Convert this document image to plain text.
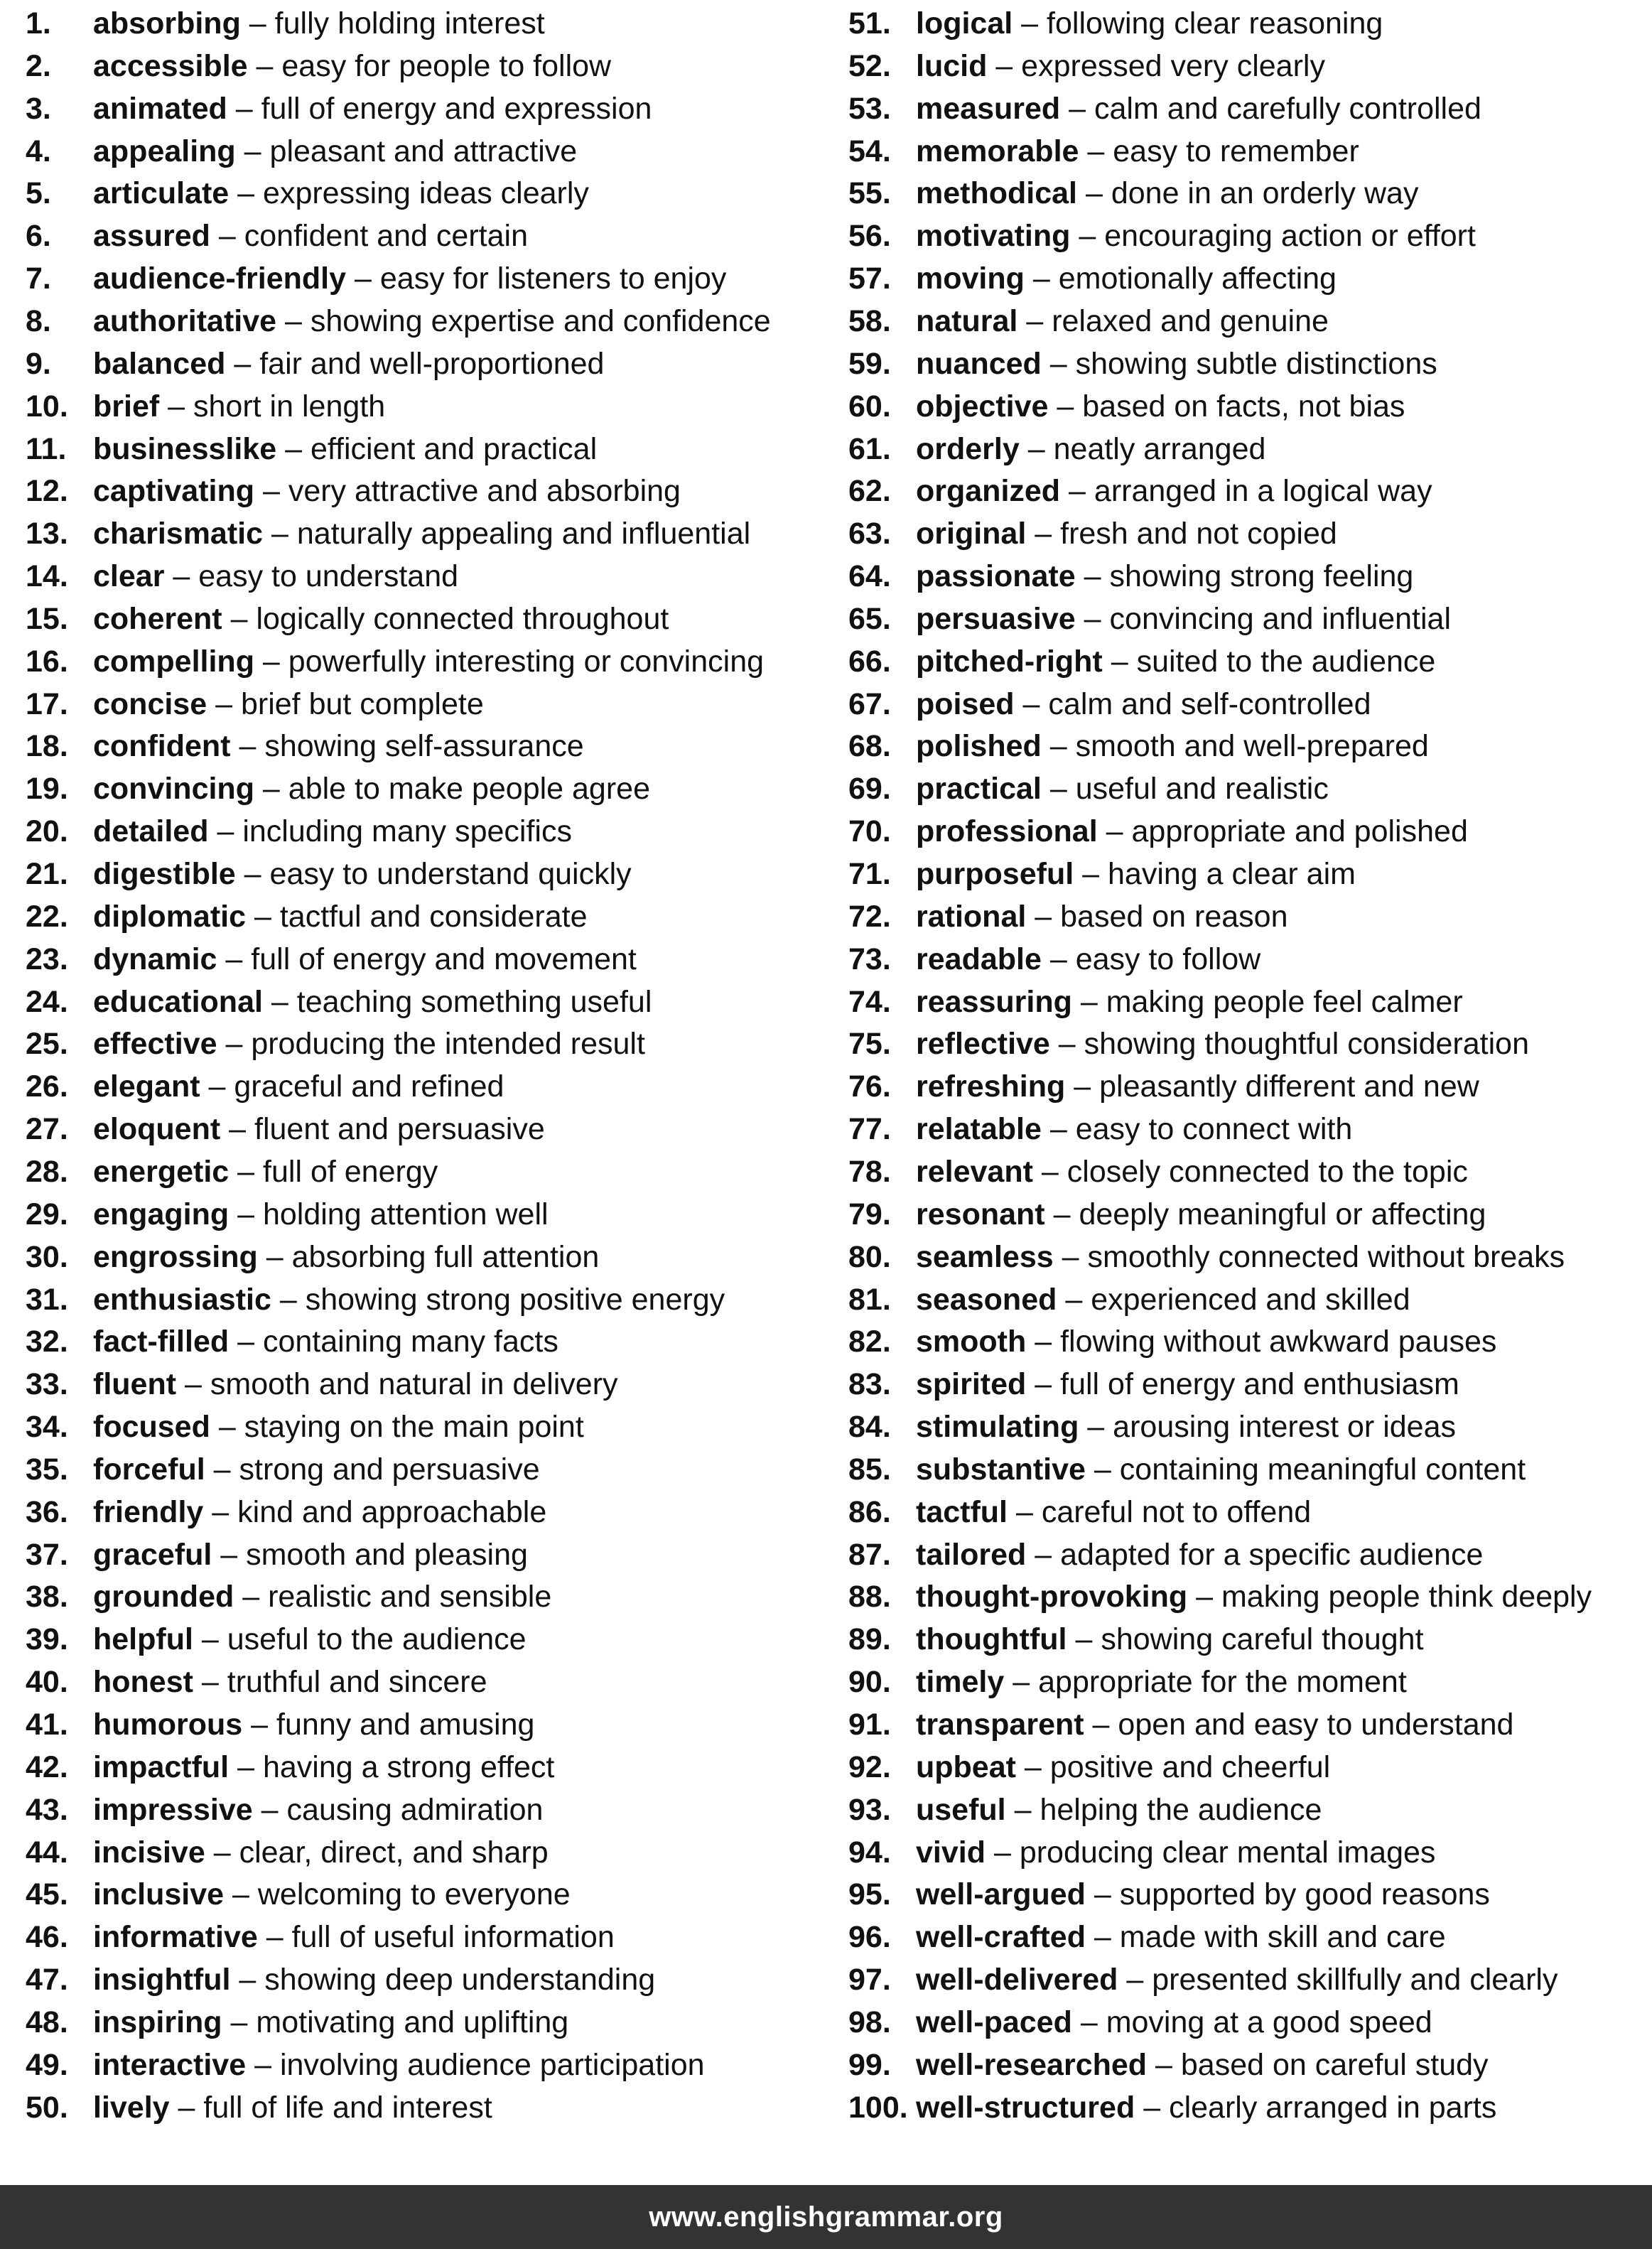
1. absorbing – fully holding interest
2. accessible – easy for people to follow
3. animated – full of energy and expression
4. appealing – pleasant and attractive
5. articulate – expressing ideas clearly
6. assured – confident and certain
7. audience-friendly – easy for listeners to enjoy
8. authoritative – showing expertise and confidence
9. balanced – fair and well-proportioned
10. brief – short in length
11. businesslike – efficient and practical
12. captivating – very attractive and absorbing
13. charismatic – naturally appealing and influential
14. clear – easy to understand
15. coherent – logically connected throughout
16. compelling – powerfully interesting or convincing
17. concise – brief but complete
18. confident – showing self-assurance
19. convincing – able to make people agree
20. detailed – including many specifics
21. digestible – easy to understand quickly
22. diplomatic – tactful and considerate
23. dynamic – full of energy and movement
24. educational – teaching something useful
25. effective – producing the intended result
26. elegant – graceful and refined
27. eloquent – fluent and persuasive
28. energetic – full of energy
29. engaging – holding attention well
30. engrossing – absorbing full attention
31. enthusiastic – showing strong positive energy
32. fact-filled – containing many facts
33. fluent – smooth and natural in delivery
34. focused – staying on the main point
35. forceful – strong and persuasive
36. friendly – kind and approachable
37. graceful – smooth and pleasing
38. grounded – realistic and sensible
39. helpful – useful to the audience
40. honest – truthful and sincere
41. humorous – funny and amusing
42. impactful – having a strong effect
43. impressive – causing admiration
44. incisive – clear, direct, and sharp
45. inclusive – welcoming to everyone
46. informative – full of useful information
47. insightful – showing deep understanding
48. inspiring – motivating and uplifting
49. interactive – involving audience participation
50. lively – full of life and interest
51. logical – following clear reasoning
52. lucid – expressed very clearly
53. measured – calm and carefully controlled
54. memorable – easy to remember
55. methodical – done in an orderly way
56. motivating – encouraging action or effort
57. moving – emotionally affecting
58. natural – relaxed and genuine
59. nuanced – showing subtle distinctions
60. objective – based on facts, not bias
61. orderly – neatly arranged
62. organized – arranged in a logical way
63. original – fresh and not copied
64. passionate – showing strong feeling
65. persuasive – convincing and influential
66. pitched-right – suited to the audience
67. poised – calm and self-controlled
68. polished – smooth and well-prepared
69. practical – useful and realistic
70. professional – appropriate and polished
71. purposeful – having a clear aim
72. rational – based on reason
73. readable – easy to follow
74. reassuring – making people feel calmer
75. reflective – showing thoughtful consideration
76. refreshing – pleasantly different and new
77. relatable – easy to connect with
78. relevant – closely connected to the topic
79. resonant – deeply meaningful or affecting
80. seamless – smoothly connected without breaks
81. seasoned – experienced and skilled
82. smooth – flowing without awkward pauses
83. spirited – full of energy and enthusiasm
84. stimulating – arousing interest or ideas
85. substantive – containing meaningful content
86. tactful – careful not to offend
87. tailored – adapted for a specific audience
88. thought-provoking – making people think deeply
89. thoughtful – showing careful thought
90. timely – appropriate for the moment
91. transparent – open and easy to understand
92. upbeat – positive and cheerful
93. useful – helping the audience
94. vivid – producing clear mental images
95. well-argued – supported by good reasons
96. well-crafted – made with skill and care
97. well-delivered – presented skillfully and clearly
98. well-paced – moving at a good speed
99. well-researched – based on careful study
100. well-structured – clearly arranged in parts
www.englishgrammar.org
